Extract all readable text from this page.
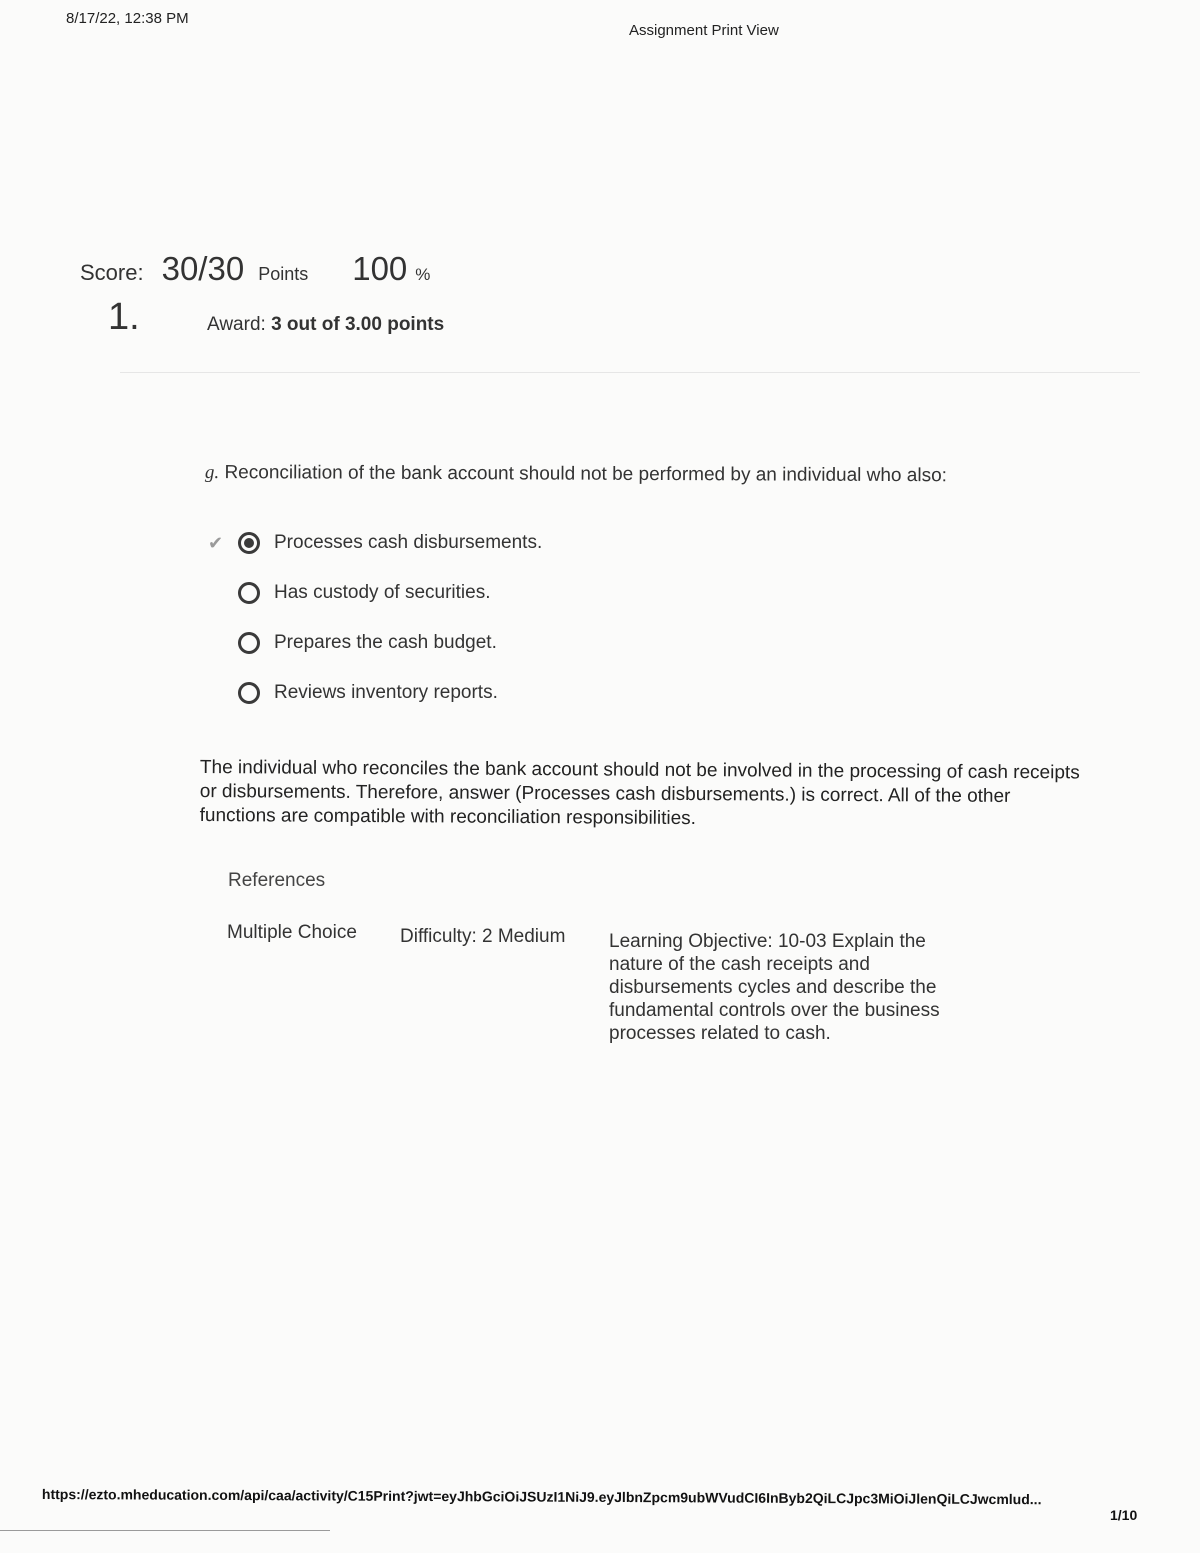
8/17/22, 12:38 PM
Assignment Print View
Score: 30/30 Points 100 %
1.	Award: 3 out of 3.00 points
g. Reconciliation of the bank account should not be performed by an individual who also:
✔	Processes cash disbursements.
Has custody of securities.
Prepares the cash budget.
Reviews inventory reports.
The individual who reconciles the bank account should not be involved in the processing of cash receipts or disbursements. Therefore, answer (Processes cash disbursements.) is correct. All of the other functions are compatible with reconciliation responsibilities.
References
Multiple Choice Difficulty: 2 Medium Learning Objective: 10-03 Explain the nature of the cash receipts and disbursements cycles and describe the fundamental controls over the business processes related to cash.
https://ezto.mheducation.com/api/caa/activity/C15Print?jwt=eyJhbGciOiJSUzI1NiJ9.eyJlbnZpcm9ubWVudCI6InByb2QiLCJpc3MiOiJlenQiLCJwcmlud...
1/10
